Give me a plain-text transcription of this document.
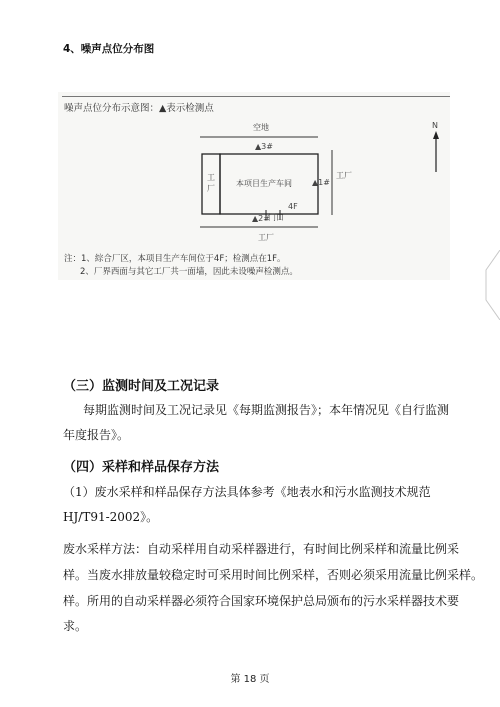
4、噪声点位分布图
噪声点位分布示意图：▲表示检测点
空地
▲3#
工厂
本项目生产车间	▲1#
工厂
4F
▲2#
门口
工厂
N
注：1、綜合厂区，本项目生产车间位于4F；检测点在1F。
2、厂界西面与其它工厂共一面墙，因此未设噪声检测点。
（三）监测时间及工况记录
每期监测时间及工况记录见《每期监测报告》；本年情况见《自行监测
年度报告》。
（四）采样和样品保存方法
（1）废水采样和样品保存方法具体参考《地表水和污水监测技术规范
HJ/T91-2002》。
废水采样方法：自动采样用自动采样器进行，有时间比例采样和流量比例采
样。当废水排放量较稳定时可采用时间比例采样，否则必须采用流量比例采样。
样。所用的自动采样器必须符合国家环境保护总局颁布的污水采样器技术要
求。
第 18 页
